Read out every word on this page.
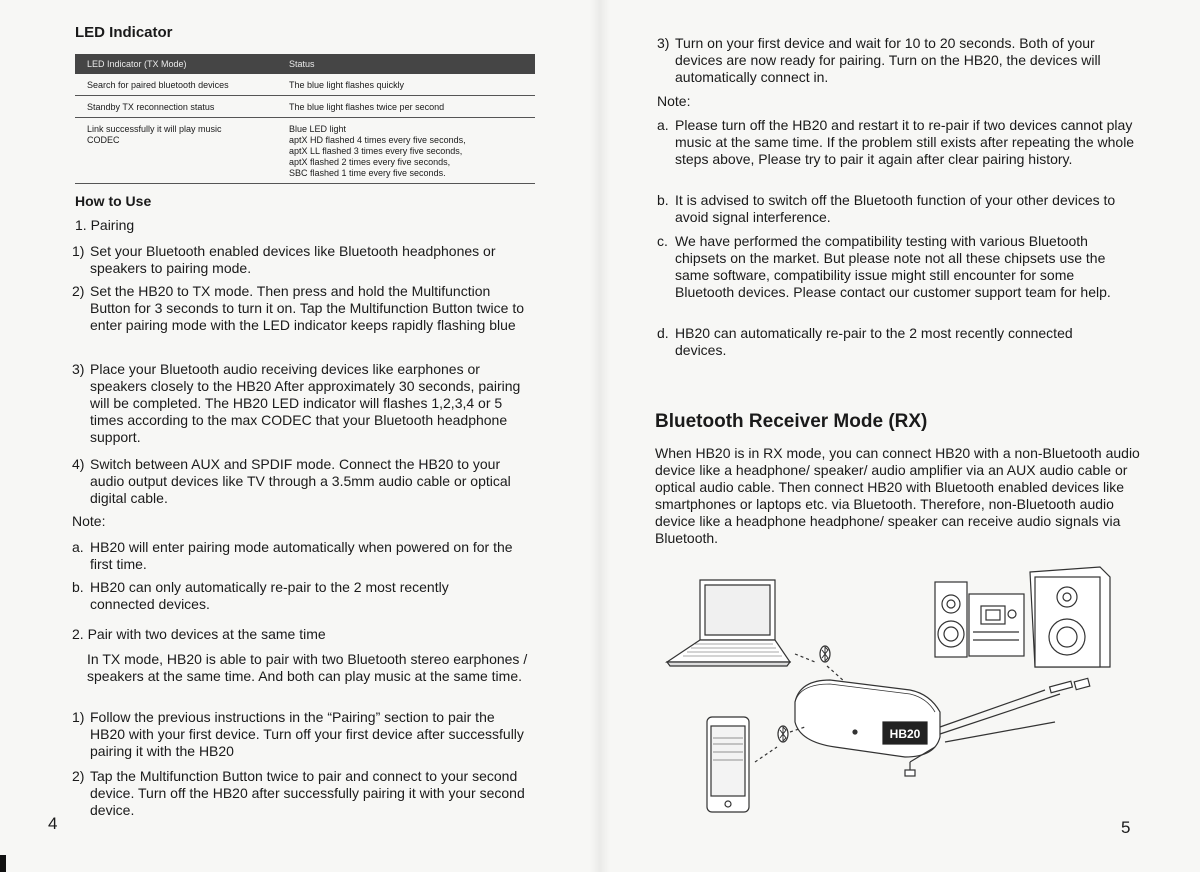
LED Indicator
LED Indicator (TX Mode)	Status
Search for paired bluetooth devices	The blue light flashes quickly

Standby TX reconnection status	The blue light flashes twice per second

Link successfully it will play music CODEC	Blue LED light
aptX HD flashed 4 times every five seconds,
aptX LL flashed 3 times every five seconds,
aptX flashed 2 times every five seconds,
SBC flashed 1 time every five seconds.
How to Use
1. Pairing
1) Set your Bluetooth enabled devices like Bluetooth headphones or speakers to pairing mode.
2) Set the HB20 to TX mode. Then press and hold the Multifunction Button for 3 seconds to turn it on. Tap the Multifunction Button twice to enter pairing mode with the LED indicator keeps rapidly flashing blue
3) Place your Bluetooth audio receiving devices like earphones or speakers closely to the HB20 After approximately 30 seconds, pairing will be completed. The HB20 LED indicator will flashes 1,2,3,4 or 5 times according to the max CODEC that your Bluetooth headphone support.
4) Switch between AUX and SPDIF mode. Connect the HB20 to your audio output devices like TV through a 3.5mm audio cable or optical digital cable.
Note:
a. HB20 will enter pairing mode automatically when powered on for the first time.
b. HB20 can only automatically re-pair to the 2 most recently connected devices.
2. Pair with two devices at the same time
In TX mode, HB20 is able to pair with two Bluetooth stereo earphones / speakers at the same time. And both can play music at the same time.
1) Follow the previous instructions in the “Pairing” section to pair the HB20 with your first device. Turn off your first device after successfully pairing it with the HB20
2) Tap the Multifunction Button twice to pair and connect to your second device. Turn off the HB20 after successfully pairing it with your second device.
4
3) Turn on your first device and wait for 10 to 20 seconds. Both of your devices are now ready for pairing. Turn on the HB20, the devices will automatically connect in.
Note:
a. Please turn off the HB20 and restart it to re-pair if two devices cannot play music at the same time. If the problem still exists after repeating the whole steps above, Please try to pair it again after clear pairing history.
b. It is advised to switch off the Bluetooth function of your other devices to avoid signal interference.
c. We have performed the compatibility testing with various Bluetooth chipsets on the market. But please note not all these chipsets use the same software, compatibility issue might still encounter for some Bluetooth devices. Please contact our customer support team for help.
d. HB20 can automatically re-pair to the 2 most recently connected devices.
Bluetooth Receiver Mode (RX)
When HB20 is in RX mode, you can connect HB20 with a non-Bluetooth audio device like a headphone/ speaker/ audio amplifier via an AUX audio cable or optical audio cable. Then connect HB20 with Bluetooth enabled devices like smartphones or laptops etc. via Bluetooth. Therefore, non-Bluetooth audio device like a headphone headphone/ speaker can receive audio signals via Bluetooth.
HB20
5
